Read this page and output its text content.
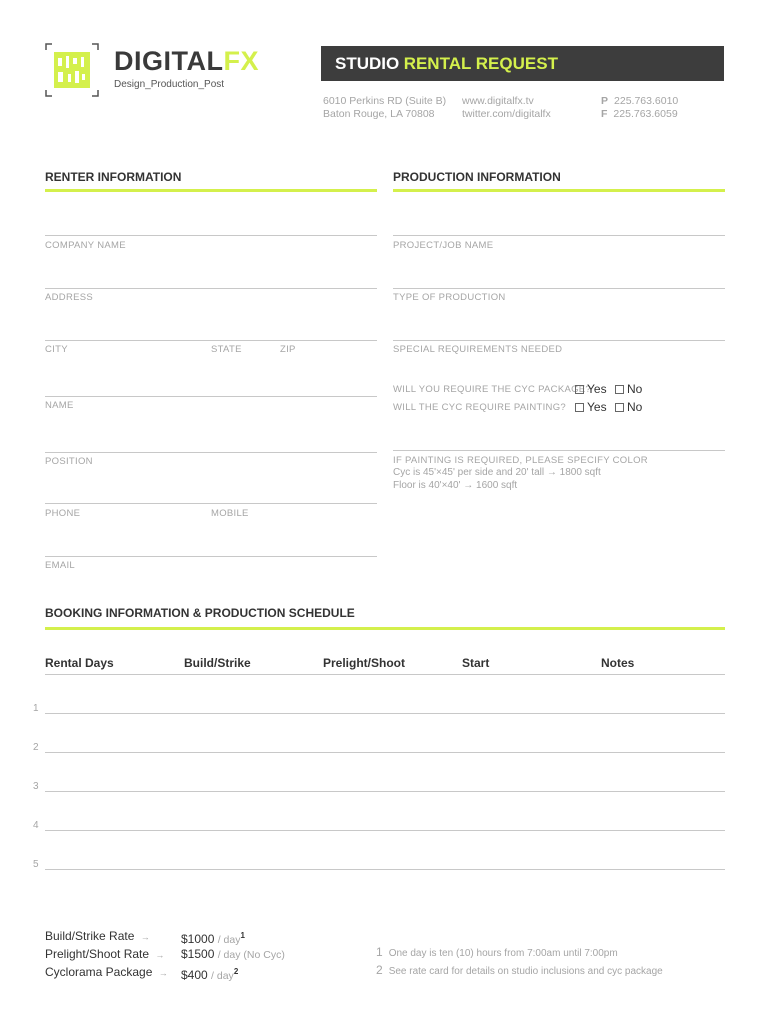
DIGITALFX
Design_Production_Post
STUDIO RENTAL REQUEST
6010 Perkins RD (Suite B)
Baton Rouge, LA 70808
www.digitalfx.tv
twitter.com/digitalfx
P 225.763.6010
F 225.763.6059
RENTER INFORMATION
COMPANY NAME
ADDRESS
CITY	STATE	ZIP
NAME
POSITION
PHONE	MOBILE
EMAIL
PRODUCTION INFORMATION
PROJECT/JOB NAME
TYPE OF PRODUCTION
SPECIAL REQUIREMENTS NEEDED
WILL YOU REQUIRE THE CYC PACKAGE?
Yes	No
WILL THE CYC REQUIRE PAINTING?	Yes	No
IF PAINTING IS REQUIRED, PLEASE SPECIFY COLOR
Cyc is 45'×45' per side and 20' tall → 1800 sqft
Floor is 40'×40' → 1600 sqft
BOOKING INFORMATION & PRODUCTION SCHEDULE
Rental Days	Build/Strike	Prelight/Shoot	Start	Notes
1
2
3
4
5
Build/Strike Rate →	$1000 / day$^1$
Prelight/Shoot Rate → $1500 / day (No Cyc)
Cyclorama Package → $400 / day$^2$
1 One day is ten (10) hours from 7:00am until 7:00pm
2 See rate card for details on studio inclusions and cyc package
